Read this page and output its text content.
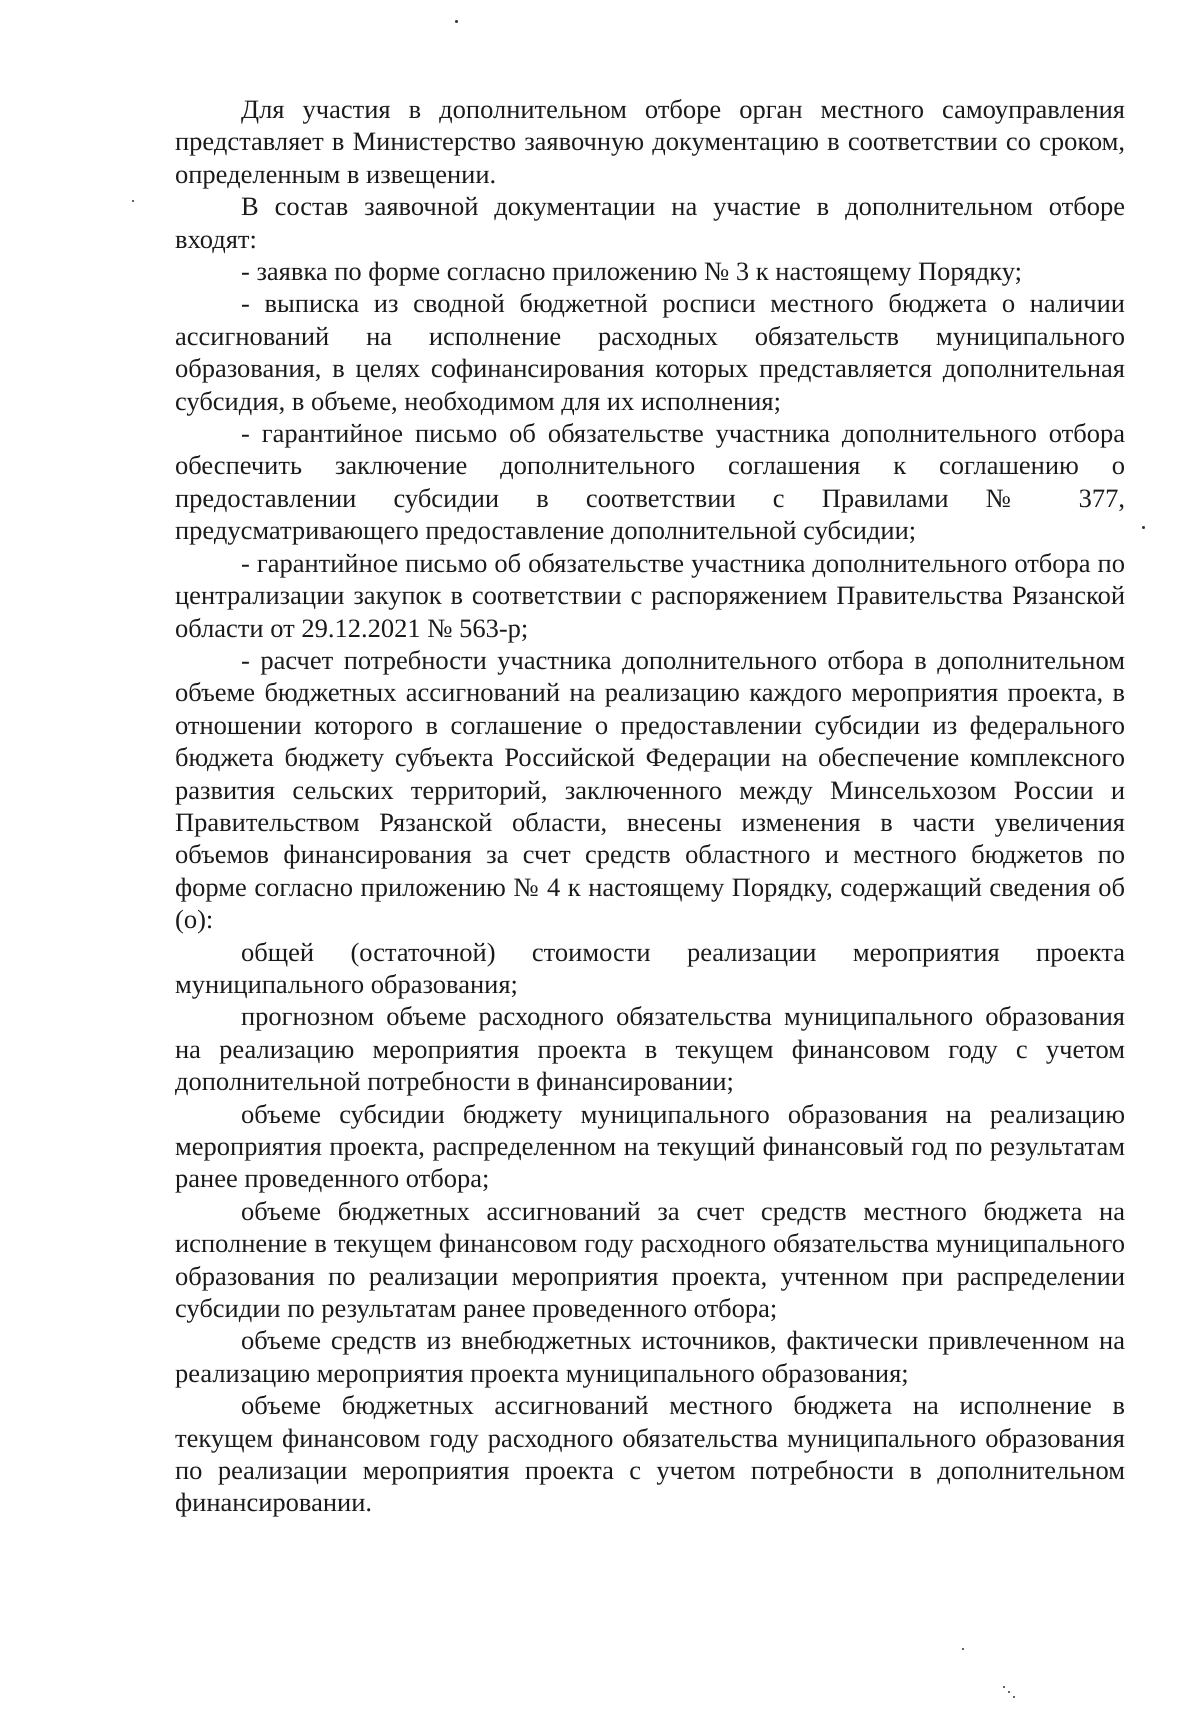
Для участия в дополнительном отборе орган местного самоуправления представляет в Министерство заявочную документацию в соответствии со сроком, определенным в извещении.

В состав заявочной документации на участие в дополнительном отборе входят:

- заявка по форме согласно приложению № 3 к настоящему Порядку;

- выписка из сводной бюджетной росписи местного бюджета о наличии ассигнований на исполнение расходных обязательств муниципального образования, в целях софинансирования которых представляется дополнительная субсидия, в объеме, необходимом для их исполнения;

- гарантийное письмо об обязательстве участника дополнительного отбора обеспечить заключение дополнительного соглашения к соглашению о предоставлении субсидии в соответствии с Правилами № 377, предусматривающего предоставление дополнительной субсидии;

- гарантийное письмо об обязательстве участника дополнительного отбора по централизации закупок в соответствии с распоряжением Правительства Рязанской области от 29.12.2021 № 563-р;

- расчет потребности участника дополнительного отбора в дополнительном объеме бюджетных ассигнований на реализацию каждого мероприятия проекта, в отношении которого в соглашение о предоставлении субсидии из федерального бюджета бюджету субъекта Российской Федерации на обеспечение комплексного развития сельских территорий, заключенного между Минсельхозом России и Правительством Рязанской области, внесены изменения в части увеличения объемов финансирования за счет средств областного и местного бюджетов по форме согласно приложению № 4 к настоящему Порядку, содержащий сведения об (о):

общей (остаточной) стоимости реализации мероприятия проекта муниципального образования;

прогнозном объеме расходного обязательства муниципального образования на реализацию мероприятия проекта в текущем финансовом году с учетом дополнительной потребности в финансировании;

объеме субсидии бюджету муниципального образования на реализацию мероприятия проекта, распределенном на текущий финансовый год по результатам ранее проведенного отбора;

объеме бюджетных ассигнований за счет средств местного бюджета на исполнение в текущем финансовом году расходного обязательства муниципального образования по реализации мероприятия проекта, учтенном при распределении субсидии по результатам ранее проведенного отбора;

объеме средств из внебюджетных источников, фактически привлеченном на реализацию мероприятия проекта муниципального образования;

объеме бюджетных ассигнований местного бюджета на исполнение в текущем финансовом году расходного обязательства муниципального образования по реализации мероприятия проекта с учетом потребности в дополнительном финансировании.
